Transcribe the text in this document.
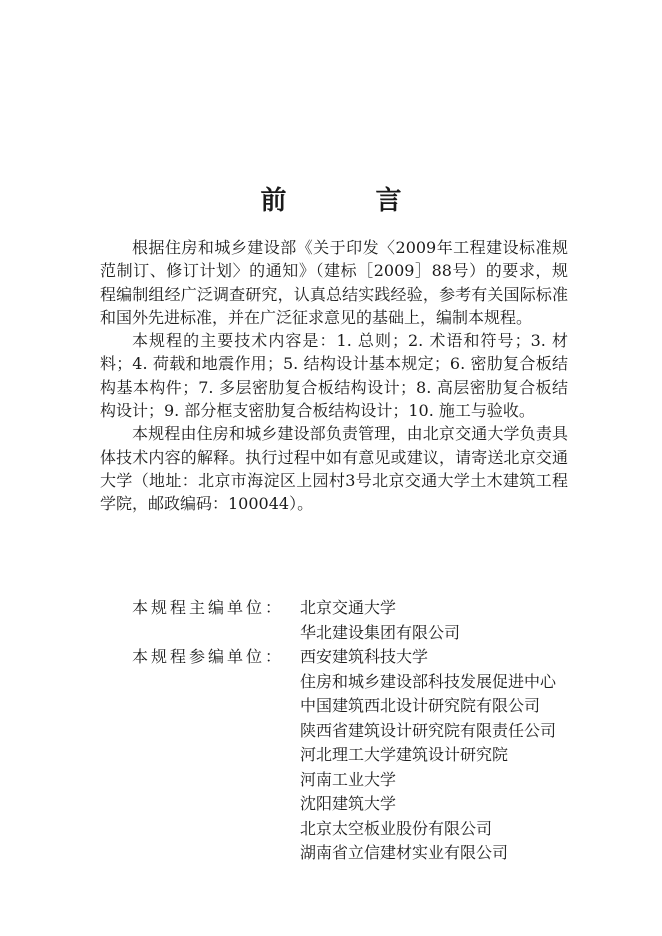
前 言

根据住房和城乡建设部《关于印发〈2009年工程建设标准规范制订、修订计划〉的通知》（建标［2009］88号）的要求，规程编制组经广泛调查研究，认真总结实践经验，参考有关国际标准和国外先进标准，并在广泛征求意见的基础上，编制本规程。

本规程的主要技术内容是：1. 总则；2. 术语和符号；3. 材料；4. 荷载和地震作用；5. 结构设计基本规定；6. 密肋复合板结构基本构件；7. 多层密肋复合板结构设计；8. 高层密肋复合板结构设计；9. 部分框支密肋复合板结构设计；10. 施工与验收。

本规程由住房和城乡建设部负责管理，由北京交通大学负责具体技术内容的解释。执行过程中如有意见或建议，请寄送北京交通大学（地址：北京市海淀区上园村3号北京交通大学土木建筑工程学院，邮政编码：100044）。

本规程主编单位： 北京交通大学
华北建设集团有限公司
本规程参编单位： 西安建筑科技大学
住房和城乡建设部科技发展促进中心
中国建筑西北设计研究院有限公司
陕西省建筑设计研究院有限责任公司
河北理工大学建筑设计研究院
河南工业大学
沈阳建筑大学
北京太空板业股份有限公司
湖南省立信建材实业有限公司
